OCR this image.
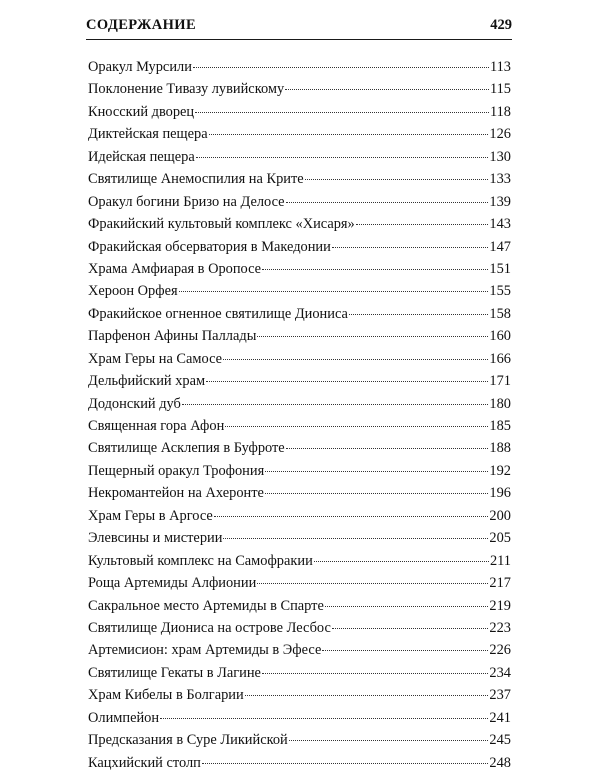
СОДЕРЖАНИЕ	429
Оракул Мурсили	113
Поклонение Тивазу лувийскому	115
Кносский дворец	118
Диктейская пещера	126
Идейская пещера	130
Святилище Анемоспилия на Крите	133
Оракул богини Бризо на Делосе	139
Фракийский культовый комплекс «Хисаря»	143
Фракийская обсерватория в Македонии	147
Храма Амфиарая в Оропосе	151
Хероон Орфея	155
Фракийское огненное святилище Диониса	158
Парфенон Афины Паллады	160
Храм Геры на Самосе	166
Дельфийский храм	171
Додонский дуб	180
Священная гора Афон	185
Святилище Асклепия в Буфроте	188
Пещерный оракул Трофония	192
Некромантейон на Ахеронте	196
Храм Геры в Аргосе	200
Элевсины и мистерии	205
Культовый комплекс на Самофракии	211
Роща Артемиды Алфионии	217
Сакральное место Артемиды в Спарте	219
Святилище Диониса на острове Лесбос	223
Артемисион: храм Артемиды в Эфесе	226
Святилище Гекаты в Лагине	234
Храм Кибелы в Болгарии	237
Олимпейон	241
Предсказания в Суре Ликийской	245
Кацхийский столп	248
